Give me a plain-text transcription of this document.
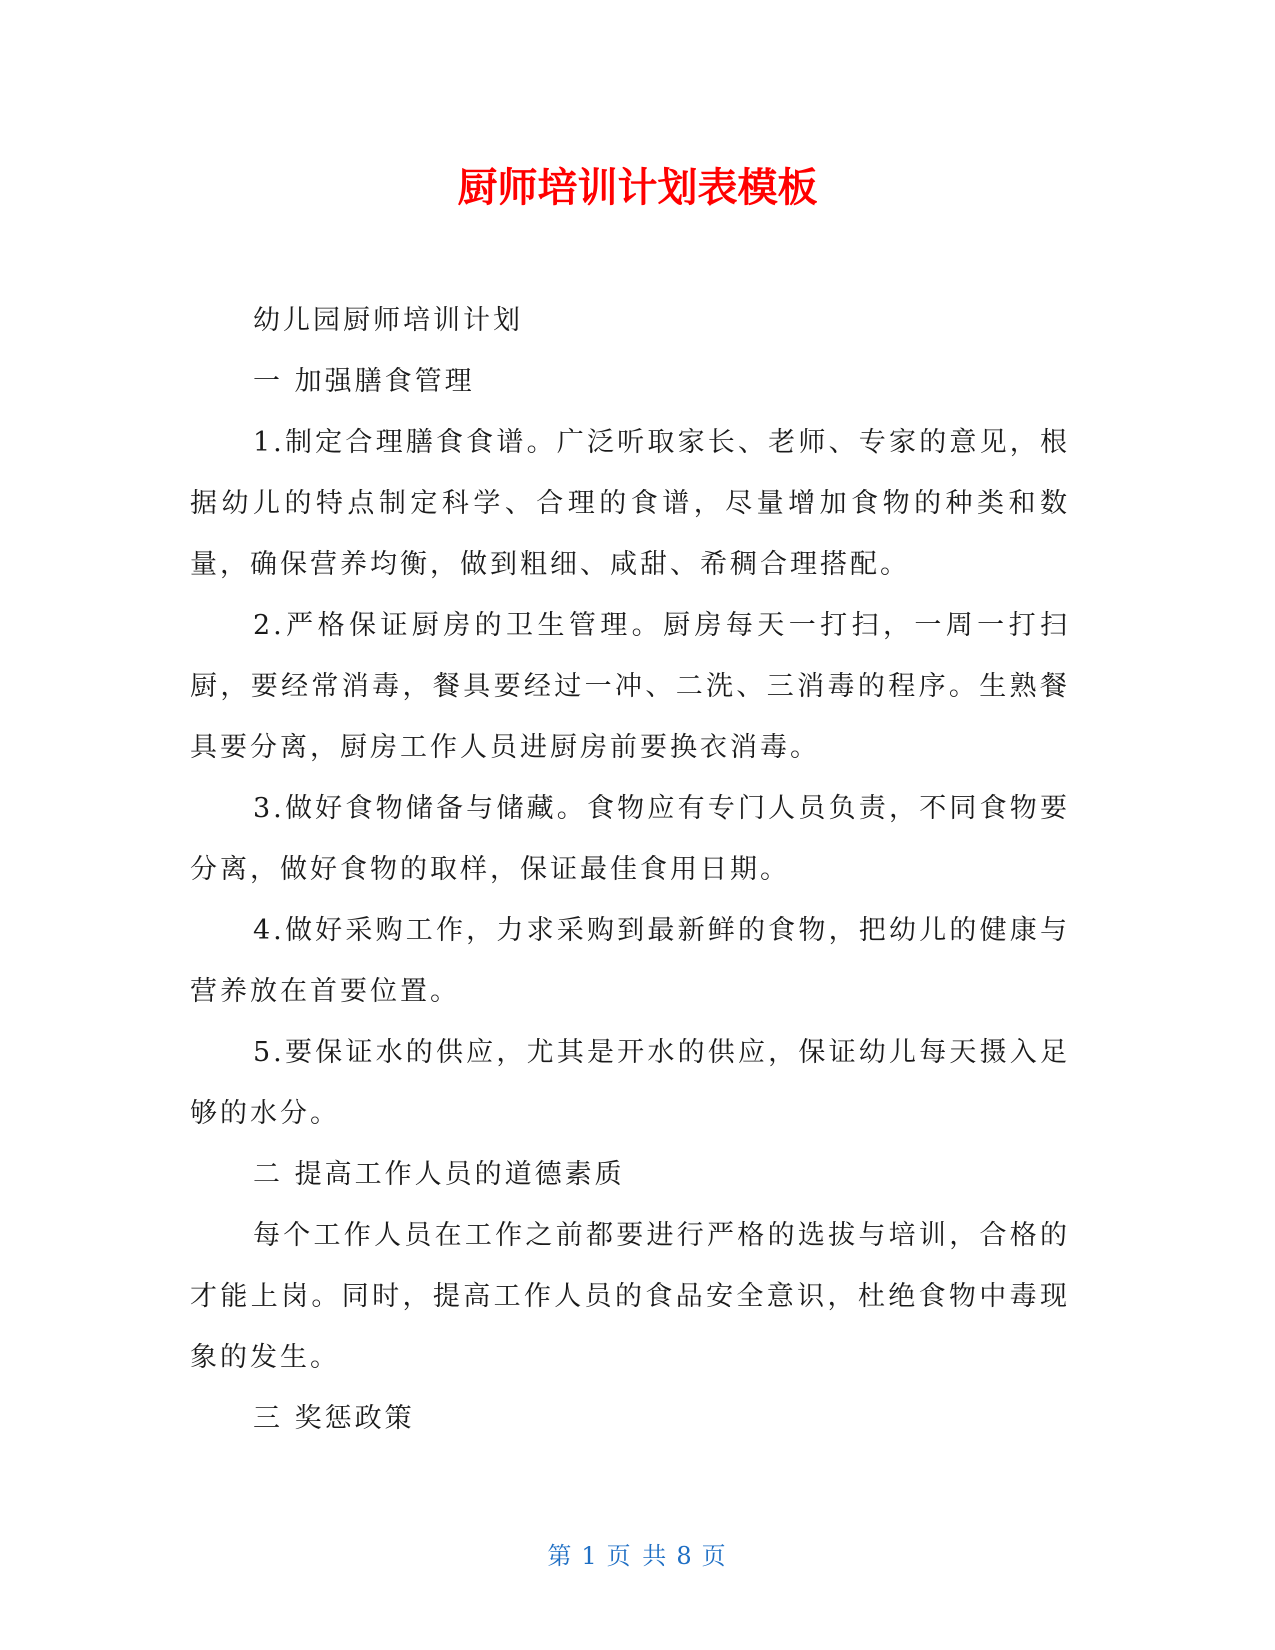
厨师培训计划表模板

幼儿园厨师培训计划

一 加强膳食管理

1.制定合理膳食食谱。广泛听取家长、老师、专家的意见，根据幼儿的特点制定科学、合理的食谱，尽量增加食物的种类和数量，确保营养均衡，做到粗细、咸甜、希稠合理搭配。

2.严格保证厨房的卫生管理。厨房每天一打扫，一周一打扫厨，要经常消毒，餐具要经过一冲、二洗、三消毒的程序。生熟餐具要分离，厨房工作人员进厨房前要换衣消毒。

3.做好食物储备与储藏。食物应有专门人员负责，不同食物要分离，做好食物的取样，保证最佳食用日期。

4.做好采购工作，力求采购到最新鲜的食物，把幼儿的健康与营养放在首要位置。

5.要保证水的供应，尤其是开水的供应，保证幼儿每天摄入足够的水分。

二 提高工作人员的道德素质

每个工作人员在工作之前都要进行严格的选拔与培训，合格的才能上岗。同时，提高工作人员的食品安全意识，杜绝食物中毒现象的发生。

三 奖惩政策

第 1 页 共 8 页
